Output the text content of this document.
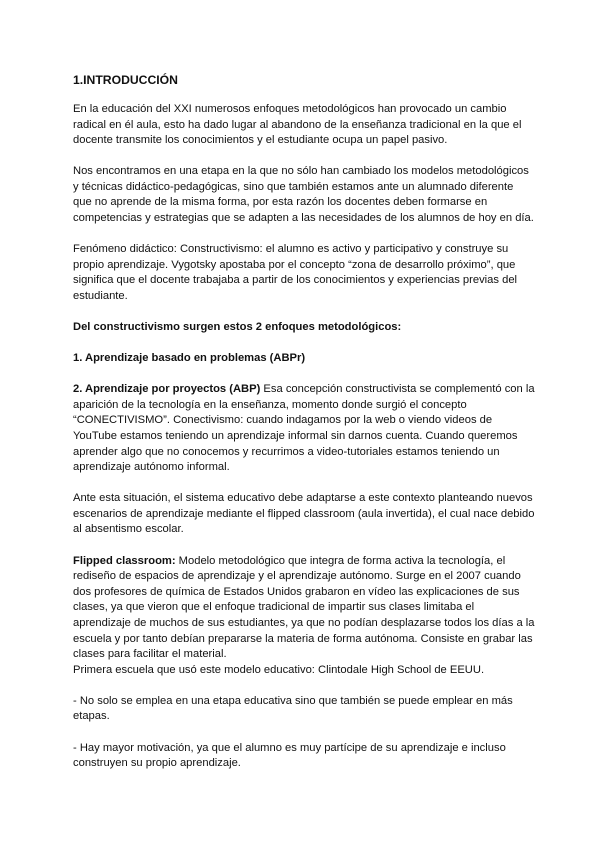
1.INTRODUCCIÓN

En la educación del XXI numerosos enfoques metodológicos han provocado un cambio radical en él aula, esto ha dado lugar al abandono de la enseñanza tradicional en la que el docente transmite los conocimientos y el estudiante ocupa un papel pasivo.

Nos encontramos en una etapa en la que no sólo han cambiado los modelos metodológicos y técnicas didáctico-pedagógicas, sino que también estamos ante un alumnado diferente que no aprende de la misma forma, por esta razón los docentes deben formarse en competencias y estrategias que se adapten a las necesidades de los alumnos de hoy en día.

Fenómeno didáctico: Constructivismo: el alumno es activo y participativo y construye su propio aprendizaje. Vygotsky apostaba por el concepto “zona de desarrollo próximo”, que significa que el docente trabajaba a partir de los conocimientos y experiencias previas del estudiante.

Del constructivismo surgen estos 2 enfoques metodológicos:

1. Aprendizaje basado en problemas (ABPr)

2. Aprendizaje por proyectos (ABP) Esa concepción constructivista se complementó con la aparición de la tecnología en la enseñanza, momento donde surgió el concepto “CONECTIVISMO”. Conectivismo: cuando indagamos por la web o viendo videos de YouTube estamos teniendo un aprendizaje informal sin darnos cuenta. Cuando queremos aprender algo que no conocemos y recurrimos a video-tutoriales estamos teniendo un aprendizaje autónomo informal.

Ante esta situación, el sistema educativo debe adaptarse a este contexto planteando nuevos escenarios de aprendizaje mediante el flipped classroom (aula invertida), el cual nace debido al absentismo escolar.

Flipped classroom: Modelo metodológico que integra de forma activa la tecnología, el rediseño de espacios de aprendizaje y el aprendizaje autónomo. Surge en el 2007 cuando dos profesores de química de Estados Unidos grabaron en vídeo las explicaciones de sus clases, ya que vieron que el enfoque tradicional de impartir sus clases limitaba el aprendizaje de muchos de sus estudiantes, ya que no podían desplazarse todos los días a la escuela y por tanto debían prepararse la materia de forma autónoma. Consiste en grabar las clases para facilitar el material.

Primera escuela que usó este modelo educativo: Clintodale High School de EEUU.

- No solo se emplea en una etapa educativa sino que también se puede emplear en más etapas.

- Hay mayor motivación, ya que el alumno es muy partícipe de su aprendizaje e incluso construyen su propio aprendizaje.
